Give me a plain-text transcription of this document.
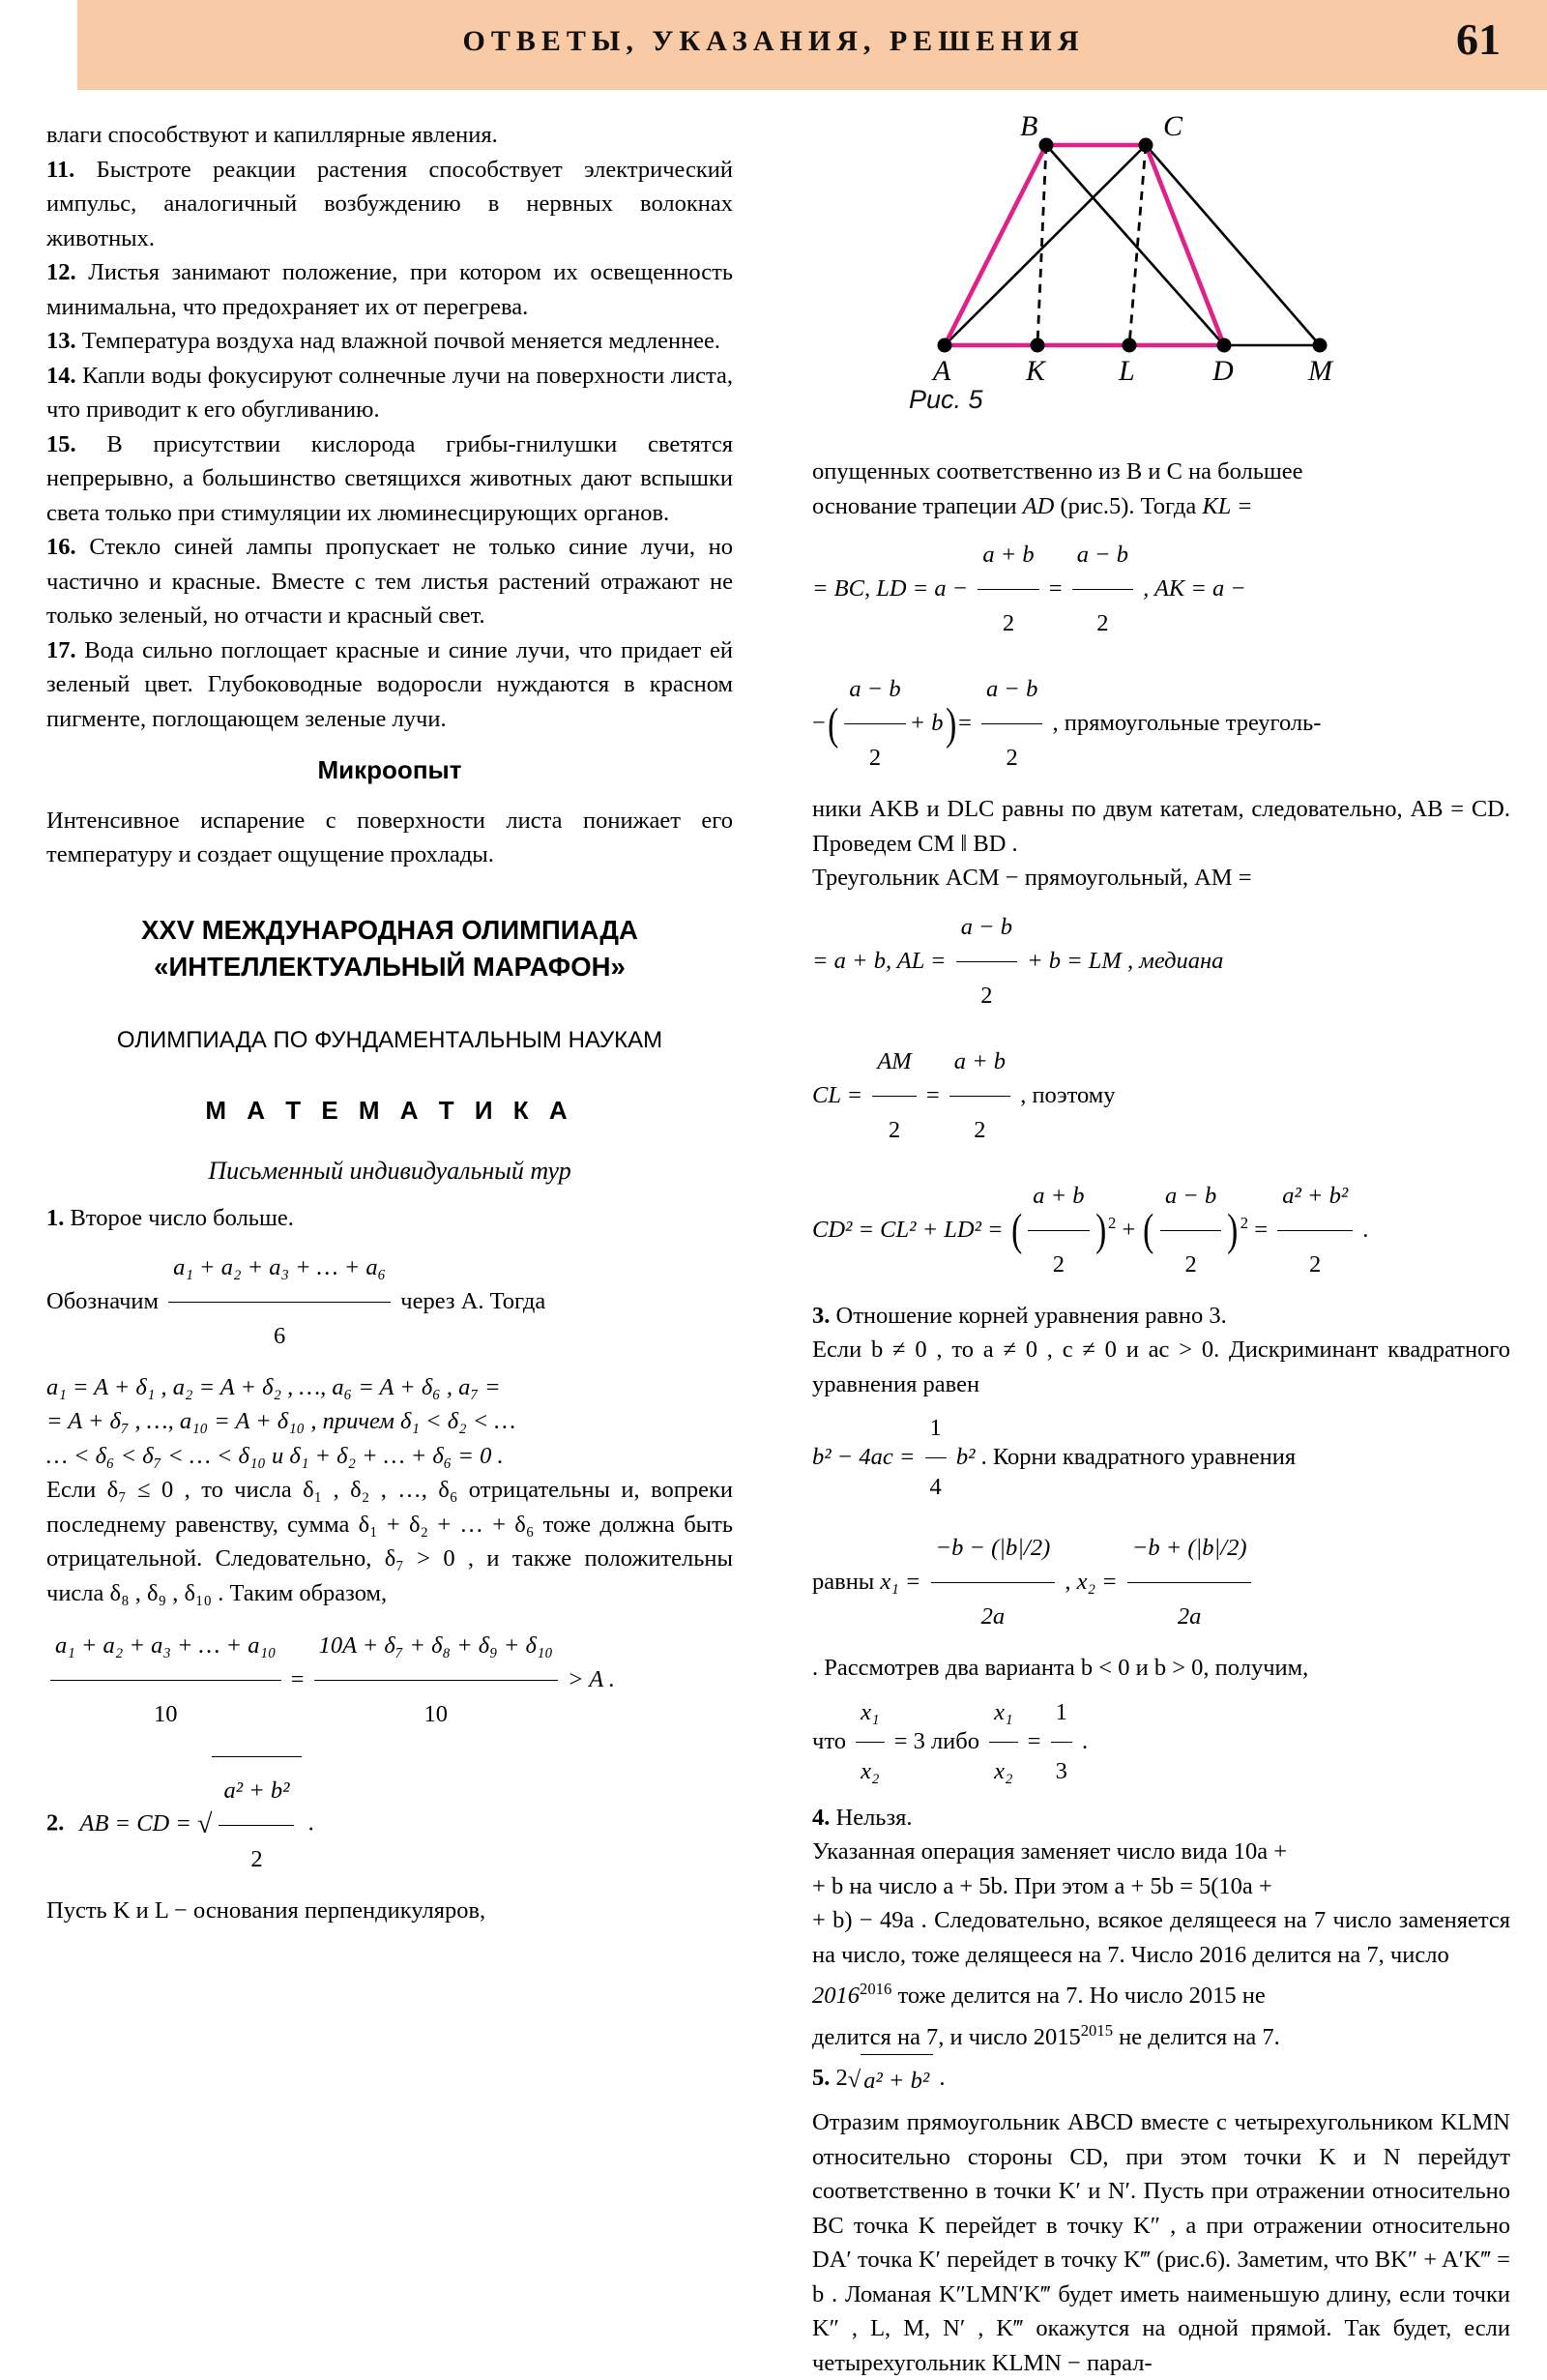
ОТВЕТЫ, УКАЗАНИЯ, РЕШЕНИЯ	61
A	K	L	D	M
B	C
Рис. 5

влаги способствуют и капиллярные явления.

11. Быстроте реакции растения способствует электрический импульс, аналогичный возбуждению в нервных волокнах животных.

12. Листья занимают положение, при котором их освещенность минимальна, что предохраняет их от перегрева.

13. Температура воздуха над влажной почвой меняется медленнее.

14. Капли воды фокусируют солнечные лучи на поверхности листа, что приводит к его обугливанию.

15. В присутствии кислорода грибы-гнилушки светятся непрерывно, а большинство светящихся животных дают вспышки света только при стимуляции их люминесцирующих органов.

16. Стекло синей лампы пропускает не только синие лучи, но частично и красные. Вместе с тем листья растений отражают не только зеленый, но отчасти и красный свет.

17. Вода сильно поглощает красные и синие лучи, что придает ей зеленый цвет. Глубоководные водоросли нуждаются в красном пигменте, поглощающем зеленые лучи.

Микроопыт

Интенсивное испарение с поверхности листа понижает его температуру и создает ощущение прохлады.

XXV МЕЖДУНАРОДНАЯ ОЛИМПИАДА
«ИНТЕЛЛЕКТУАЛЬНЫЙ МАРАФОН»
ОЛИМПИАДА ПО ФУНДАМЕНТАЛЬНЫМ НАУКАМ
М А Т Е М А Т И К А
Письменный индивидуальный тур

1. Второе число больше.

Обозначим $\frac{\text{a₁ + a₂ + a₃ + … + a₆}}{6}$ через A. Тогда

a₁ = A + δ₁ , a₂ = A + δ₂ , …, a₆ = A + δ₆ , a₇ =

= A + δ₇ , …, a₁₀ = A + δ₁₀ , причем δ₁ < δ₂ < …

… < δ₆ < δ₇ < … < δ₁₀ и δ₁ + δ₂ + … + δ₆ = 0 .

Если δ₇ ≤ 0 , то числа δ₁ , δ₂ , …, δ₆ отрицательны и, вопреки последнему равенству, сумма δ₁ + δ₂ + … + δ₆ тоже должна быть отрицательной. Следовательно, δ₇ > 0 , и также положительны числа δ₈ , δ₉ , δ₁₀ . Таким образом,

$\frac{\text{a₁ + a₂ + a₃ + … + a₁₀}}{10} = \frac{\text{10A + δ₇ + δ₈ + δ₉ + δ₁₀}}{10} > A$ .

2. AB = CD = √ $\frac{\text{a² + b²}}{2}$ .

Пусть K и L − основания перпендикуляров,

опущенных соответственно из B и C на большее

основание трапеции AD (рис.5). Тогда KL =

= BC, LD = $a - \frac{a + b}{2} = \frac{a - b}{2}$ , AK = a −

−( $\frac{a - b}{2} + b)= \frac{a - b}{2}$ , прямоугольные треуголь-

ники AKB и DLC равны по двум катетам, следовательно, AB = CD. Проведем CM ‖ BD .

Треугольник ACM − прямоугольный, AM =

= a + b, AL = $\frac{a - b}{2} + b$ = LM , медиана

CL = $\frac{AM}{2} = \frac{a + b}{2}$ , поэтому

CD² = CL² + LD² = ( $\frac{a + b}{2}$ ) $^2$ + ( $\frac{a - b}{2}$ ) $^2 = \frac{\text{a² + b²}}{2}$ .

3. Отношение корней уравнения равно 3.

Если b ≠ 0 , то a ≠ 0 , c ≠ 0 и ac > 0. Дискриминант квадратного уравнения равен

$b^2 - 4ac = \frac{1}{4} b^2$ . Корни квадратного уравнения

равны $x_1 = \frac{-b - (|b|/2)}{2a}$ , $x_2 = \frac{-b + (|b|/2)}{2a}$

. Рассмотрев два варианта b < 0 и b > 0, получим,

что $\frac{\text{x₁}}{\text{x₂}} = 3$ либо $\frac{\text{x₁}}{\text{x₂}} = \frac{1}{3}$ .

4. Нельзя.

Указанная операция заменяет число вида 10a +

+ b на число a + 5b. При этом a + 5b = 5(10a +

+ b) − 49a . Следовательно, всякое делящееся на 7 число заменяется на число, тоже делящееся на 7. Число 2016 делится на 7, число

$2016^{2016}$ тоже делится на 7. Но число 2015 не

делится на 7, и число $2015^{2015}$ не делится на 7.

5. 2√ a² + b² .

Отразим прямоугольник ABCD вместе с четырехугольником KLMN относительно стороны CD, при этом точки K и N перейдут соответственно в точки K′ и N′. Пусть при отражении относительно BC точка K перейдет в точку K″ , а при отражении относительно DA′ точка K′ перейдет в точку K‴ (рис.6). Заметим, что BK″ + A′K‴ = b . Ломаная K″LMN′K‴ будет иметь наименьшую длину, если точки K″ , L, M, N′ , K‴ окажутся на одной прямой. Так будет, если четырехугольник KLMN − парал-
